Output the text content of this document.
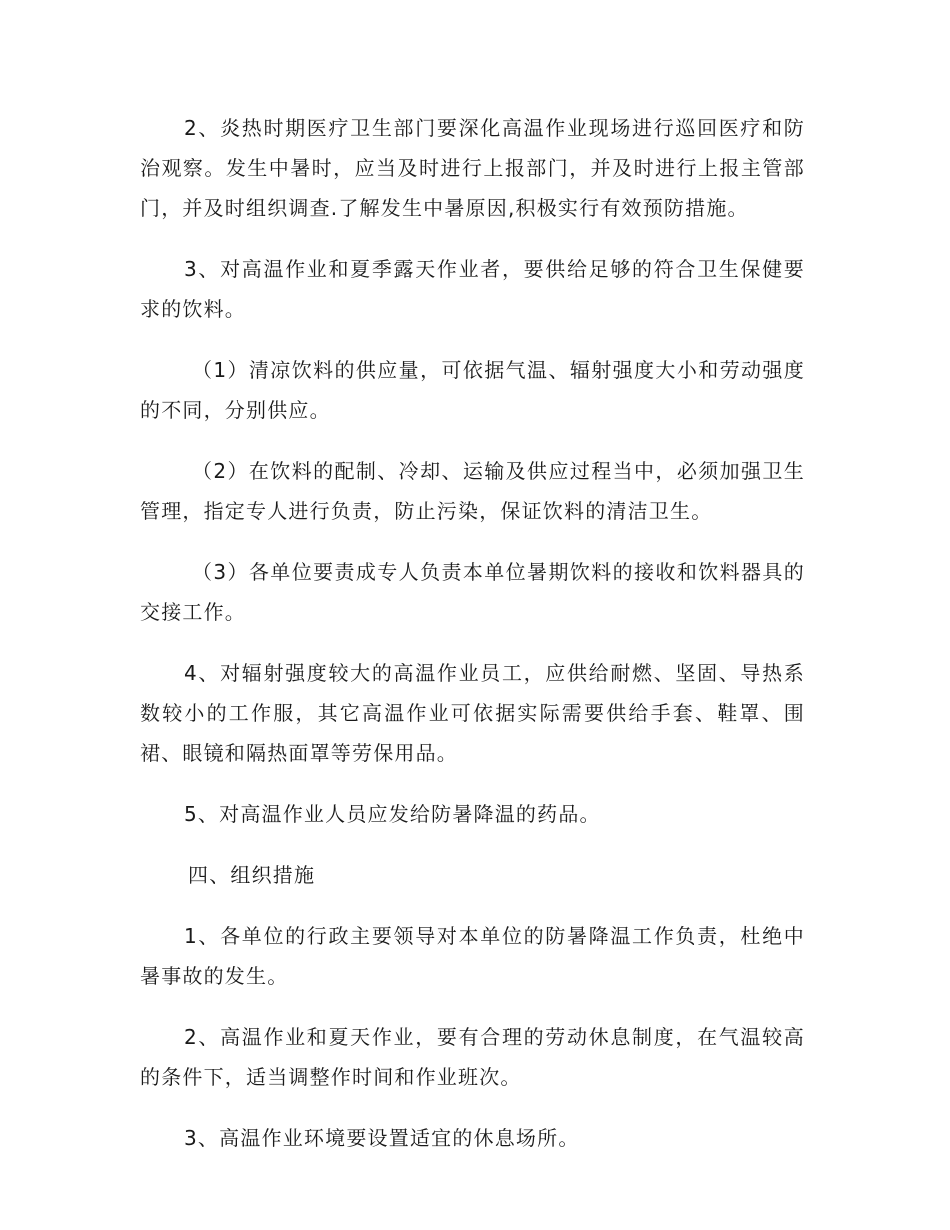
2、炎热时期医疗卫生部门要深化高温作业现场进行巡回医疗和防治观察。发生中暑时，应当及时进行上报部门，并及时进行上报主管部门，并及时组织调查.了解发生中暑原因,积极实行有效预防措施。

3、对高温作业和夏季露天作业者，要供给足够的符合卫生保健要求的饮料。

（1）清凉饮料的供应量，可依据气温、辐射强度大小和劳动强度的不同，分别供应。

（2）在饮料的配制、冷却、运输及供应过程当中，必须加强卫生管理，指定专人进行负责，防止污染，保证饮料的清洁卫生。

（3）各单位要责成专人负责本单位暑期饮料的接收和饮料器具的交接工作。

4、对辐射强度较大的高温作业员工，应供给耐燃、坚固、导热系数较小的工作服，其它高温作业可依据实际需要供给手套、鞋罩、围裙、眼镜和隔热面罩等劳保用品。

5、对高温作业人员应发给防暑降温的药品。

四、组织措施

1、各单位的行政主要领导对本单位的防暑降温工作负责，杜绝中暑事故的发生。

2、高温作业和夏天作业，要有合理的劳动休息制度，在气温较高的条件下，适当调整作时间和作业班次。

3、高温作业环境要设置适宜的休息场所。
